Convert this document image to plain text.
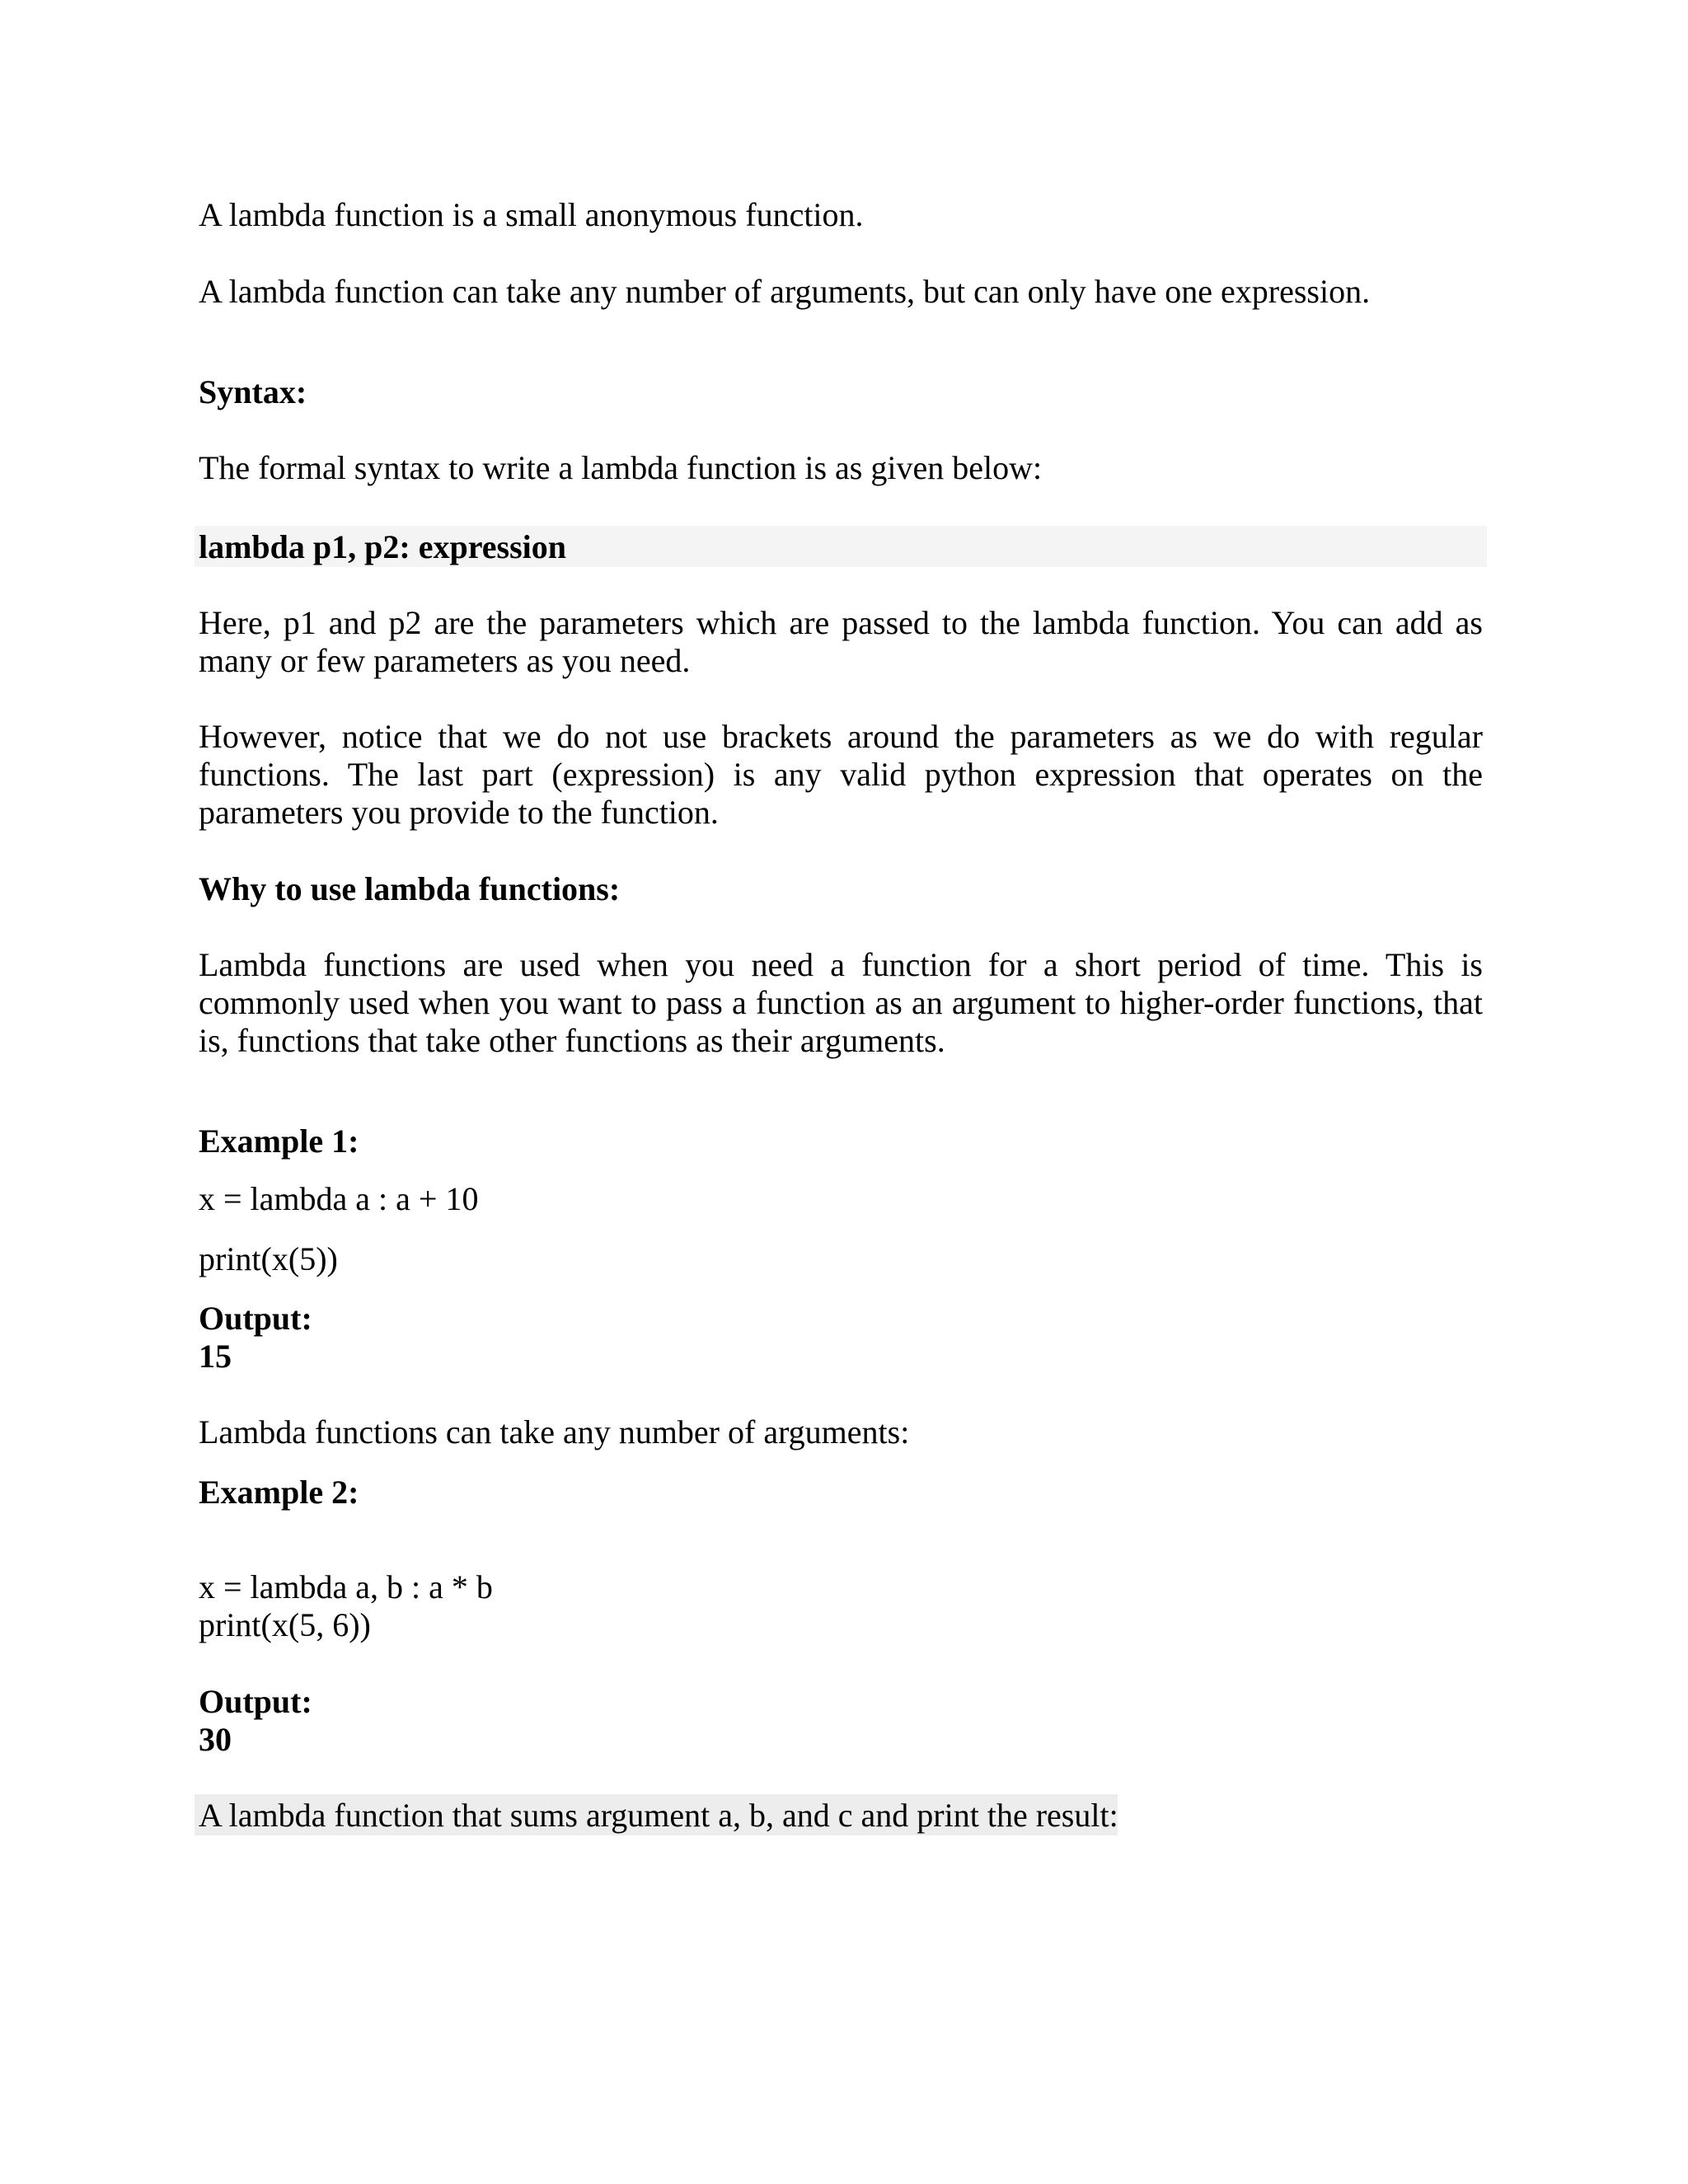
A lambda function is a small anonymous function.

A lambda function can take any number of arguments, but can only have one expression.

Syntax:

The formal syntax to write a lambda function is as given below:

lambda p1, p2: expression

Here, p1 and p2 are the parameters which are passed to the lambda function. You can add as many or few parameters as you need.

However, notice that we do not use brackets around the parameters as we do with regular functions. The last part (expression) is any valid python expression that operates on the parameters you provide to the function.

Why to use lambda functions:

Lambda functions are used when you need a function for a short period of time. This is commonly used when you want to pass a function as an argument to higher-order functions, that is, functions that take other functions as their arguments.

Example 1:

x = lambda a : a + 10

print(x(5))

Output:

15

Lambda functions can take any number of arguments:

Example 2:

x = lambda a, b : a * b

print(x(5, 6))

Output:

30

A lambda function that sums argument a, b, and c and print the result:
